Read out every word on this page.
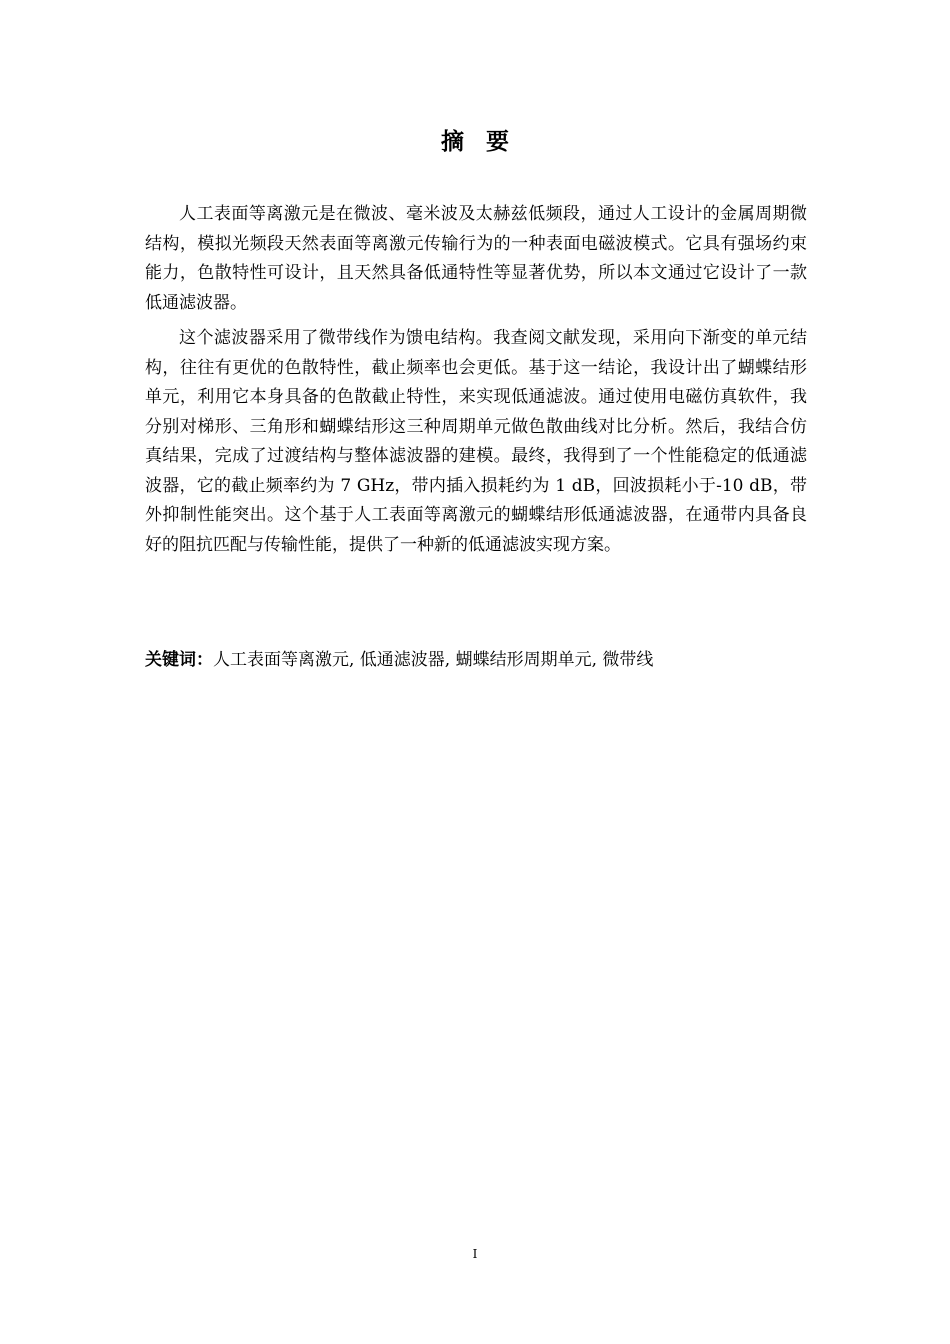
摘要

人工表面等离激元是在微波、毫米波及太赫兹低频段，通过人工设计的金属周期微结构，模拟光频段天然表面等离激元传输行为的一种表面电磁波模式。它具有强场约束能力，色散特性可设计，且天然具备低通特性等显著优势，所以本文通过它设计了一款低通滤波器。

这个滤波器采用了微带线作为馈电结构。我查阅文献发现，采用向下渐变的单元结构，往往有更优的色散特性，截止频率也会更低。基于这一结论，我设计出了蝴蝶结形单元，利用它本身具备的色散截止特性，来实现低通滤波。通过使用电磁仿真软件，我分别对梯形、三角形和蝴蝶结形这三种周期单元做色散曲线对比分析。然后，我结合仿真结果，完成了过渡结构与整体滤波器的建模。最终，我得到了一个性能稳定的低通滤波器，它的截止频率约为 7 GHz，带内插入损耗约为 1 dB，回波损耗小于-10 dB，带外抑制性能突出。这个基于人工表面等离激元的蝴蝶结形低通滤波器，在通带内具备良好的阻抗匹配与传输性能，提供了一种新的低通滤波实现方案。

关键词：人工表面等离激元, 低通滤波器, 蝴蝶结形周期单元, 微带线
I
